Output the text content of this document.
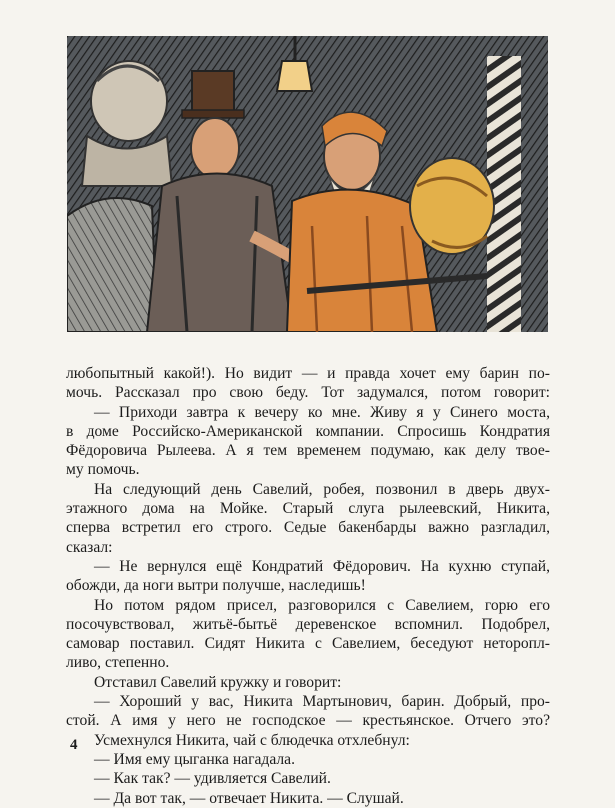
любопытный какой!). Но видит — и правда хочет ему барин по-
мочь. Рассказал про свою беду. Тот задумался, потом говорит:
— Приходи завтра к вечеру ко мне. Живу я у Синего моста,
в доме Российско-Американской компании. Спросишь Кондратия
Фёдоровича Рылеева. А я тем временем подумаю, как делу твое-
му помочь.
На следующий день Савелий, робея, позвонил в дверь двух-
этажного дома на Мойке. Старый слуга рылеевский, Никита,
сперва встретил его строго. Седые бакенбарды важно разгладил,
сказал:
— Не вернулся ещё Кондратий Фёдорович. На кухню ступай,
обожди, да ноги вытри получше, наследишь!
Но потом рядом присел, разговорился с Савелием, горю его
посочувствовал, житьё-бытьё деревенское вспомнил. Подобрел,
самовар поставил. Сидят Никита с Савелием, беседуют неторопл-
ливо, степенно.
Отставил Савелий кружку и говорит:
— Хороший у вас, Никита Мартынович, барин. Добрый, про-
стой. А имя у него не господское — крестьянское. Отчего это?
Усмехнулся Никита, чай с блюдечка отхлебнул:
— Имя ему цыганка нагадала.
— Как так? — удивляется Савелий.
— Да вот так, — отвечает Никита. — Слушай.
4
